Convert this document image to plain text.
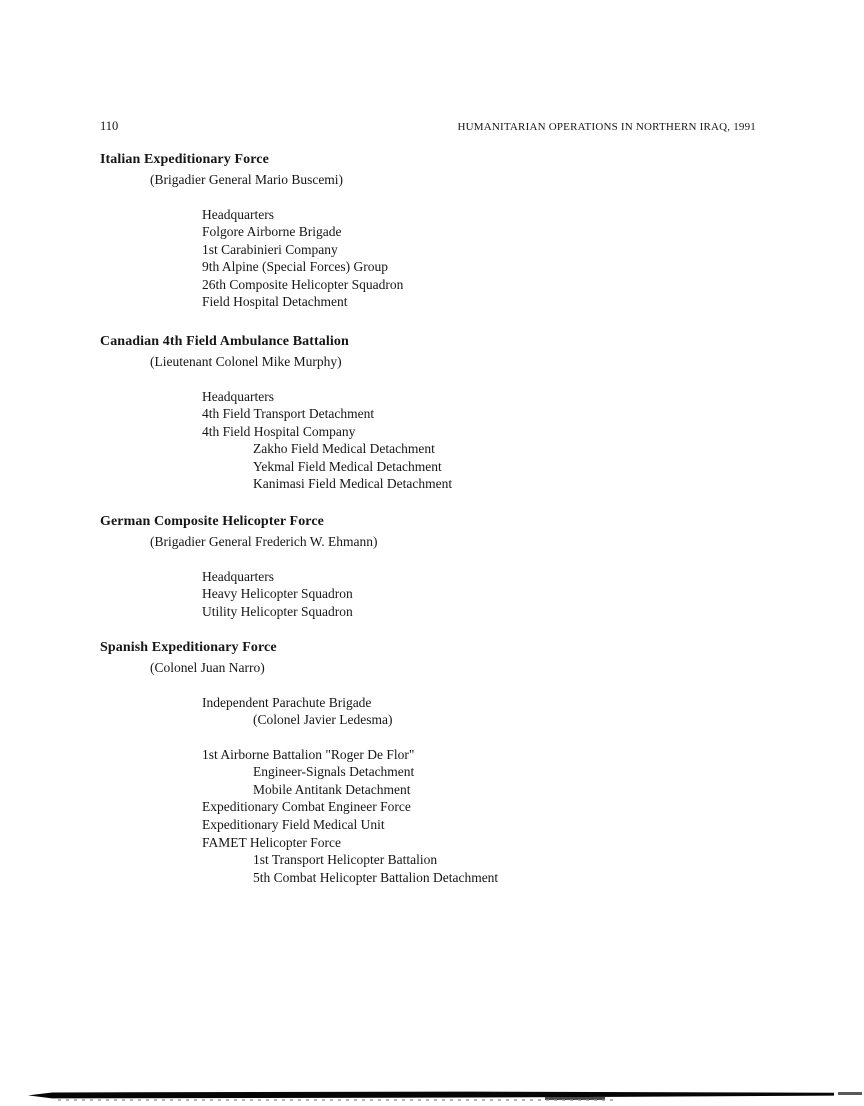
110	HUMANITARIAN OPERATIONS IN NORTHERN IRAQ, 1991
Italian Expeditionary Force
(Brigadier General Mario Buscemi)
Headquarters
Folgore Airborne Brigade
1st Carabinieri Company
9th Alpine (Special Forces) Group
26th Composite Helicopter Squadron
Field Hospital Detachment
Canadian 4th Field Ambulance Battalion
(Lieutenant Colonel Mike Murphy)
Headquarters
4th Field Transport Detachment
4th Field Hospital Company
Zakho Field Medical Detachment
Yekmal Field Medical Detachment
Kanimasi Field Medical Detachment
German Composite Helicopter Force
(Brigadier General Frederich W. Ehmann)
Headquarters
Heavy Helicopter Squadron
Utility Helicopter Squadron
Spanish Expeditionary Force
(Colonel Juan Narro)
Independent Parachute Brigade
(Colonel Javier Ledesma)
1st Airborne Battalion "Roger De Flor"
Engineer-Signals Detachment
Mobile Antitank Detachment
Expeditionary Combat Engineer Force
Expeditionary Field Medical Unit
FAMET Helicopter Force
1st Transport Helicopter Battalion
5th Combat Helicopter Battalion Detachment
